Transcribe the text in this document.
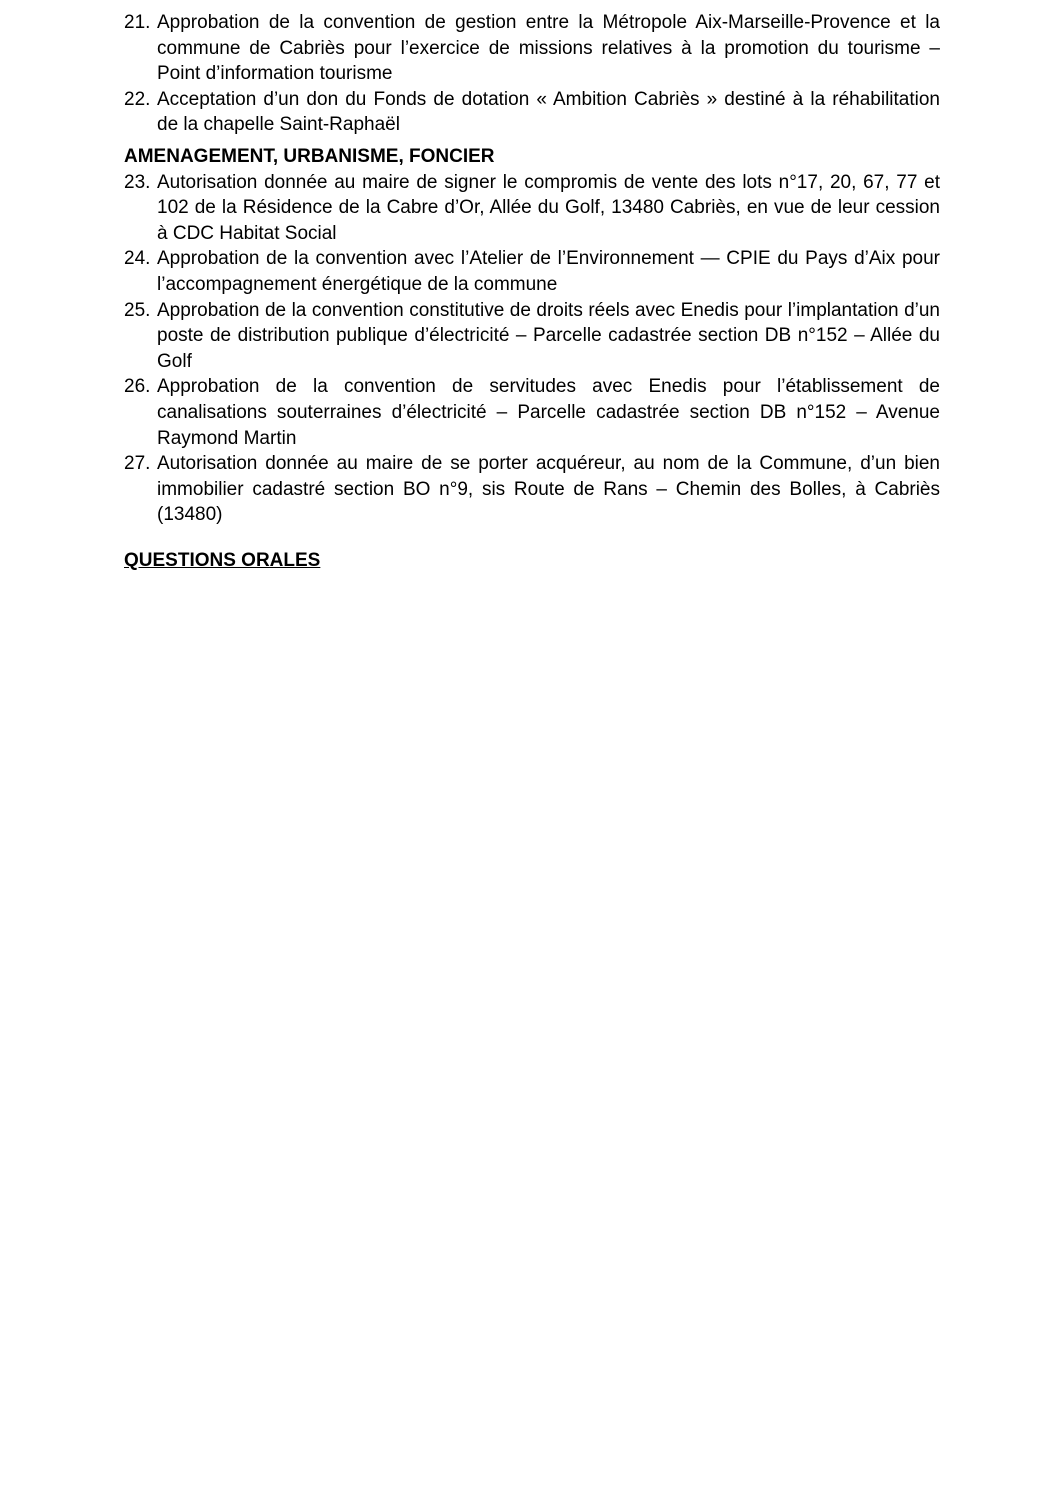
21. Approbation de la convention de gestion entre la Métropole Aix-Marseille-Provence et la commune de Cabriès pour l’exercice de missions relatives à la promotion du tourisme – Point d’information tourisme
22. Acceptation d’un don du Fonds de dotation « Ambition Cabriès » destiné à la réhabilitation de la chapelle Saint-Raphaël
AMENAGEMENT, URBANISME, FONCIER
23. Autorisation donnée au maire de signer le compromis de vente des lots n°17, 20, 67, 77 et 102 de la Résidence de la Cabre d’Or, Allée du Golf, 13480 Cabriès, en vue de leur cession à CDC Habitat Social
24. Approbation de la convention avec l’Atelier de l’Environnement — CPIE du Pays d’Aix pour l’accompagnement énergétique de la commune
25. Approbation de la convention constitutive de droits réels avec Enedis pour l’implantation d’un poste de distribution publique d’électricité – Parcelle cadastrée section DB n°152 – Allée du Golf
26. Approbation de la convention de servitudes avec Enedis pour l’établissement de canalisations souterraines d’électricité – Parcelle cadastrée section DB n°152 – Avenue Raymond Martin
27. Autorisation donnée au maire de se porter acquéreur, au nom de la Commune, d’un bien immobilier cadastré section BO n°9, sis Route de Rans – Chemin des Bolles, à Cabriès (13480)
QUESTIONS ORALES
